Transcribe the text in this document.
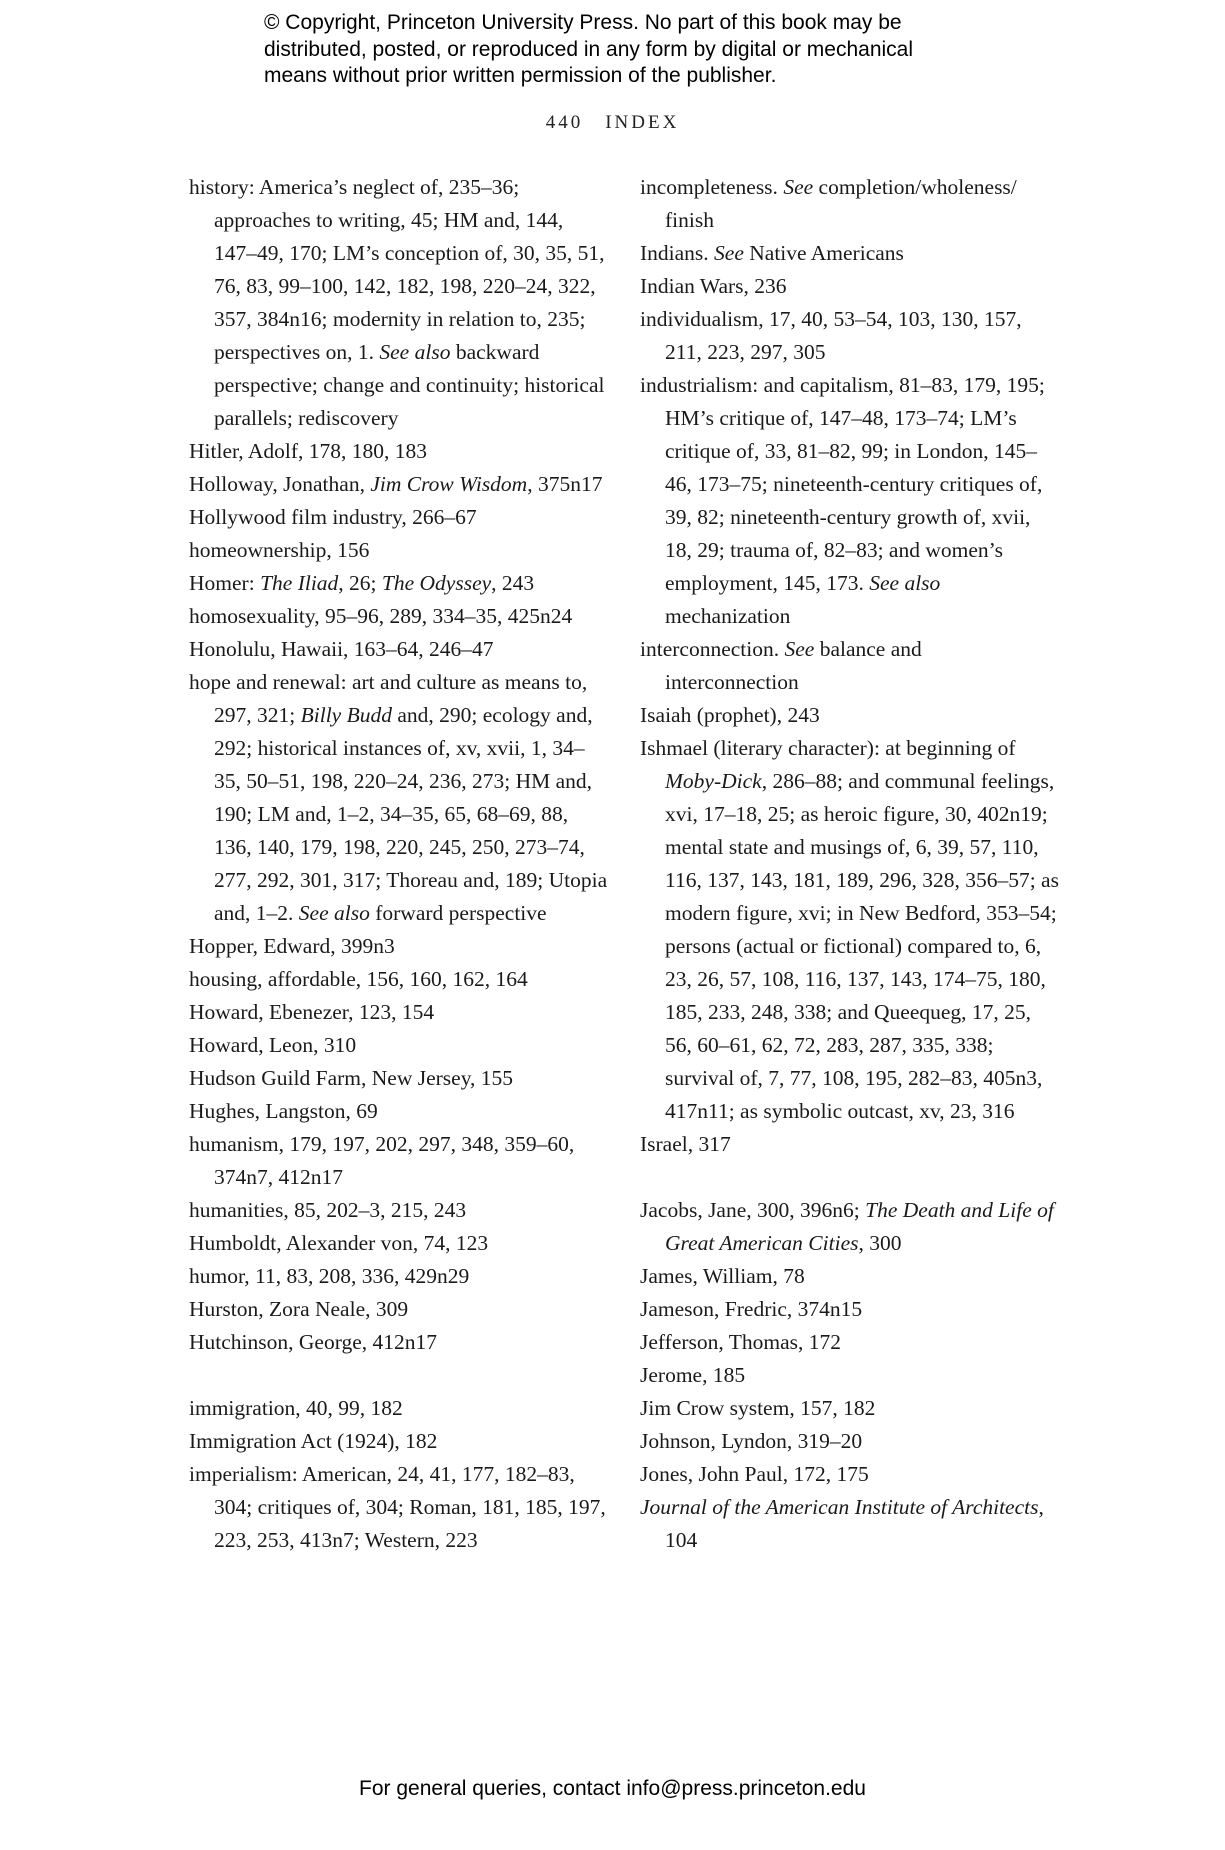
© Copyright, Princeton University Press. No part of this book may be
distributed, posted, or reproduced in any form by digital or mechanical
means without prior written permission of the publisher.
440 INDEX

history: America’s neglect of, 235–36; approaches to writing, 45; HM and, 144, 147–49, 170; LM’s conception of, 30, 35, 51, 76, 83, 99–100, 142, 182, 198, 220–24, 322, 357, 384n16; modernity in relation to, 235; perspectives on, 1. See also backward perspective; change and continuity; historical parallels; rediscovery

Hitler, Adolf, 178, 180, 183

Holloway, Jonathan, Jim Crow Wisdom, 375n17

Hollywood film industry, 266–67

homeownership, 156

Homer: The Iliad, 26; The Odyssey, 243

homosexuality, 95–96, 289, 334–35, 425n24

Honolulu, Hawaii, 163–64, 246–47

hope and renewal: art and culture as means to, 297, 321; Billy Budd and, 290; ecology and, 292; historical instances of, xv, xvii, 1, 34–35, 50–51, 198, 220–24, 236, 273; HM and, 190; LM and, 1–2, 34–35, 65, 68–69, 88, 136, 140, 179, 198, 220, 245, 250, 273–74, 277, 292, 301, 317; Thoreau and, 189; Utopia and, 1–2. See also forward perspective

Hopper, Edward, 399n3

housing, affordable, 156, 160, 162, 164

Howard, Ebenezer, 123, 154

Howard, Leon, 310

Hudson Guild Farm, New Jersey, 155

Hughes, Langston, 69

humanism, 179, 197, 202, 297, 348, 359–60, 374n7, 412n17

humanities, 85, 202–3, 215, 243

Humboldt, Alexander von, 74, 123

humor, 11, 83, 208, 336, 429n29

Hurston, Zora Neale, 309

Hutchinson, George, 412n17

immigration, 40, 99, 182

Immigration Act (1924), 182

imperialism: American, 24, 41, 177, 182–83, 304; critiques of, 304; Roman, 181, 185, 197, 223, 253, 413n7; Western, 223

incompleteness. See completion/wholeness/ finish

Indians. See Native Americans

Indian Wars, 236

individualism, 17, 40, 53–54, 103, 130, 157, 211, 223, 297, 305

industrialism: and capitalism, 81–83, 179, 195; HM’s critique of, 147–48, 173–74; LM’s critique of, 33, 81–82, 99; in London, 145–46, 173–75; nineteenth-century critiques of, 39, 82; nineteenth-century growth of, xvii, 18, 29; trauma of, 82–83; and women’s employment, 145, 173. See also mechanization

interconnection. See balance and interconnection

Isaiah (prophet), 243

Ishmael (literary character): at beginning of Moby-Dick, 286–88; and communal feelings, xvi, 17–18, 25; as heroic figure, 30, 402n19; mental state and musings of, 6, 39, 57, 110, 116, 137, 143, 181, 189, 296, 328, 356–57; as modern figure, xvi; in New Bedford, 353–54; persons (actual or fictional) compared to, 6, 23, 26, 57, 108, 116, 137, 143, 174–75, 180, 185, 233, 248, 338; and Queequeg, 17, 25, 56, 60–61, 62, 72, 283, 287, 335, 338; survival of, 7, 77, 108, 195, 282–83, 405n3, 417n11; as symbolic outcast, xv, 23, 316

Israel, 317

Jacobs, Jane, 300, 396n6; The Death and Life of Great American Cities, 300

James, William, 78

Jameson, Fredric, 374n15

Jefferson, Thomas, 172

Jerome, 185

Jim Crow system, 157, 182

Johnson, Lyndon, 319–20

Jones, John Paul, 172, 175

Journal of the American Institute of Architects, 104

For general queries, contact info@press.princeton.edu
